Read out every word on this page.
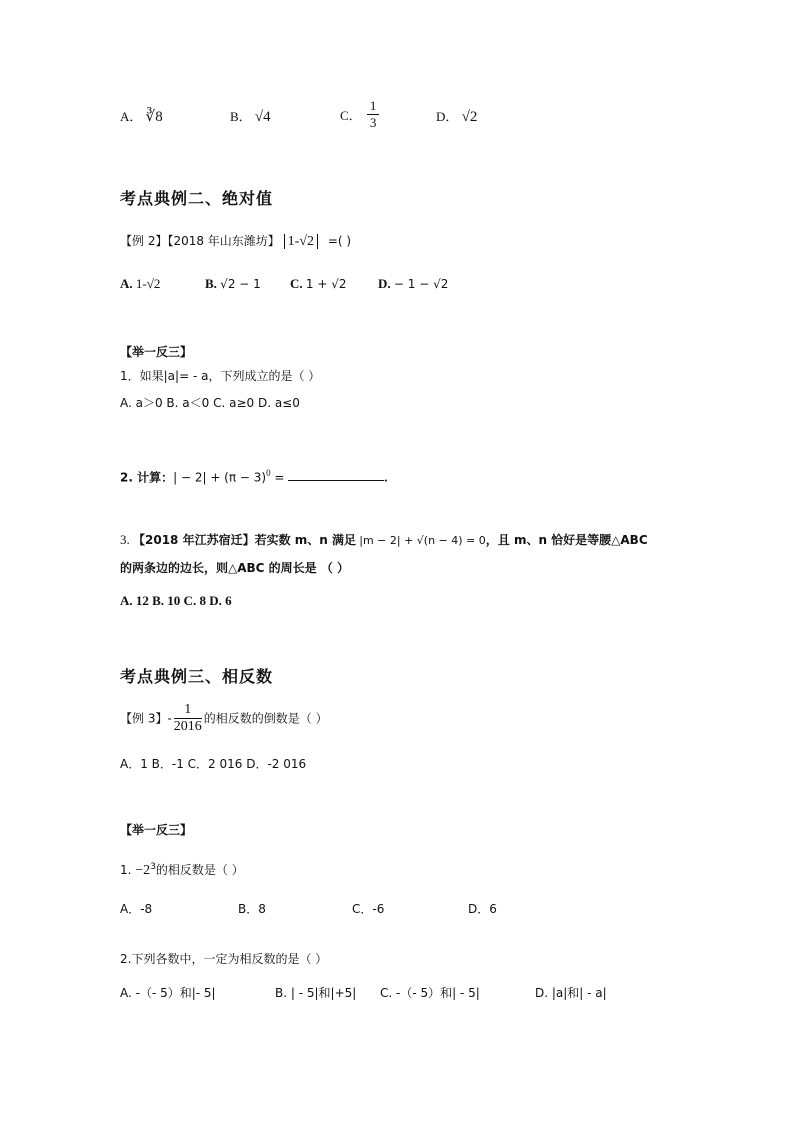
A． ∛8	B． √4	C． $\frac{1}{3}$	D． √2
考点典例二、绝对值
【例 2】【2018 年山东潍坊】 1-√2 =( )
A. 1-√2	B. √2 − 1 C. 1 + √2 D. − 1 − √2
【举一反三】
1．如果|a|= - a，下列成立的是（ ）
A. a＞0 B. a＜0 C. a≥0 D. a≤0
2. 计算：| − $2| + (\pi - 3)^0$ =	.
3. 【2018 年江苏宿迁】若实数 m、n 满足 |m − 2| + √(n − 4) = 0，且 m、n 恰好是等腰△ABC
的两条边的边长，则△ABC 的周长是 （ ）
A. 12 B. 10 C. 8 D. 6
考点典例三、相反数
【例 3】- $\frac{1}{2016}$ 的相反数的倒数是（ ）
A．1 B．-1 C．2 016 D．-2 016
【举一反三】
1. $-2^3$的相反数是（ ）
A．-8	B．8	C．-6	D．6
2.下列各数中，一定为相反数的是（ ）
A. -（- 5）和|- 5|	B. | - 5|和|+5| C. -（- 5）和| - 5|	D. |a|和| - a|
